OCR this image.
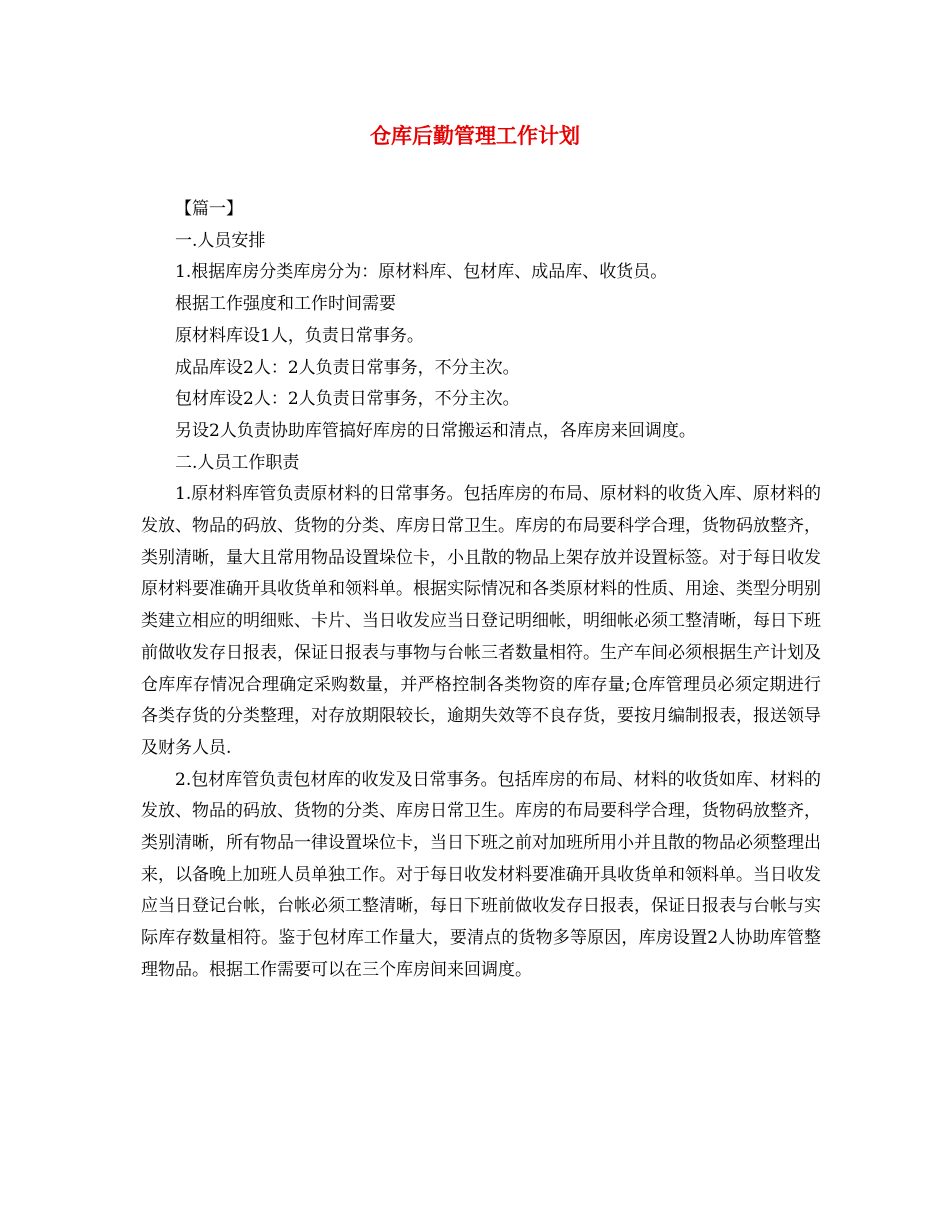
仓库后勤管理工作计划

【篇一】

一.人员安排

1.根据库房分类库房分为：原材料库、包材库、成品库、收货员。

根据工作强度和工作时间需要

原材料库设1人，负责日常事务。

成品库设2人：2人负责日常事务，不分主次。

包材库设2人：2人负责日常事务，不分主次。

另设2人负责协助库管搞好库房的日常搬运和清点，各库房来回调度。

二.人员工作职责

1.原材料库管负责原材料的日常事务。包括库房的布局、原材料的收货入库、原材料的发放、物品的码放、货物的分类、库房日常卫生。库房的布局要科学合理，货物码放整齐，类别清晰，量大且常用物品设置垛位卡，小且散的物品上架存放并设置标签。对于每日收发原材料要准确开具收货单和领料单。根据实际情况和各类原材料的性质、用途、类型分明别类建立相应的明细账、卡片、当日收发应当日登记明细帐，明细帐必须工整清晰，每日下班前做收发存日报表，保证日报表与事物与台帐三者数量相符。生产车间必须根据生产计划及仓库库存情况合理确定采购数量，并严格控制各类物资的库存量;仓库管理员必须定期进行各类存货的分类整理，对存放期限较长，逾期失效等不良存货，要按月编制报表，报送领导及财务人员.

2.包材库管负责包材库的收发及日常事务。包括库房的布局、材料的收货如库、材料的发放、物品的码放、货物的分类、库房日常卫生。库房的布局要科学合理，货物码放整齐，类别清晰，所有物品一律设置垛位卡，当日下班之前对加班所用小并且散的物品必须整理出来，以备晚上加班人员单独工作。对于每日收发材料要准确开具收货单和领料单。当日收发应当日登记台帐，台帐必须工整清晰，每日下班前做收发存日报表，保证日报表与台帐与实际库存数量相符。鉴于包材库工作量大，要清点的货物多等原因，库房设置2人协助库管整理物品。根据工作需要可以在三个库房间来回调度。
